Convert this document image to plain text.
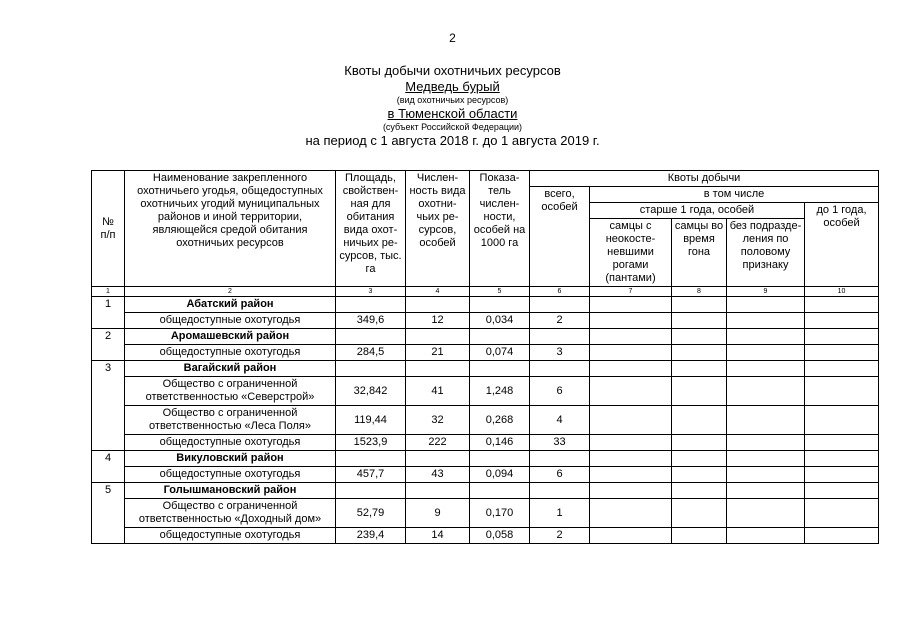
2
Квоты добычи охотничьих ресурсов
Медведь бурый
(вид охотничьих ресурсов)
в Тюменской области
(субъект Российской Федерации)
на период с 1 августа 2018 г. до 1 августа 2019 г.
№
п/п	Наименование закрепленного охотничьего угодья, общедоступных охотничьих угодий муниципальных районов и иной территории, являющейся средой обитания охотничьих ресурсов	Площадь, свойствен-ная для обитания вида охот-ничьих ре-сурсов, тыс. га	Числен-ность вида охотни-чьих ре-сурсов, особей	Показа-тель числен-ности, особей на 1000 га	Квоты добычи				
					всего, особей	в том числе			
						старше 1 года, особей			до 1 года, особей
						самцы с неокосте-невшими рогами (пантами)	самцы во время гона	без подразде-ления по половому признаку	
1	2	3	4	5	6	7	8	9	10
1	Абатский район								
	общедоступные охотугодья	349,6	12	0,034	2				
2	Аромашевский район								
	общедоступные охотугодья	284,5	21	0,074	3				
3	Вагайский район								
	Общество с ограниченной ответственностью «Северстрой»	32,842	41	1,248	6				
	Общество с ограниченной ответственностью «Леса Поля»	119,44	32	0,268	4				
	общедоступные охотугодья	1523,9	222	0,146	33				
4	Викуловский район								
	общедоступные охотугодья	457,7	43	0,094	6				
5	Голышмановский район								
	Общество с ограниченной ответственностью «Доходный дом»	52,79	9	0,170	1				
	общедоступные охотугодья	239,4	14	0,058	2				
